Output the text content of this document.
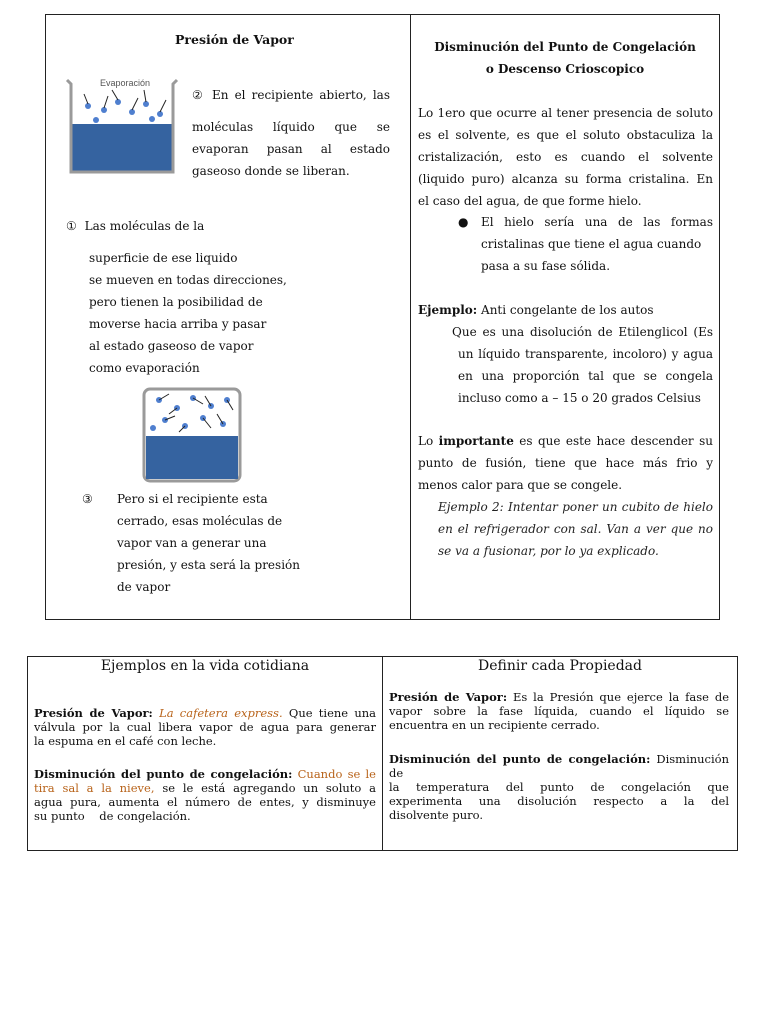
Presión de Vapor
Evaporación
② En el recipiente abierto, las
moléculas líquido que se
evaporan pasan al estado
gaseoso donde se liberan.
① Las moléculas de la
superficie de ese liquido
se mueven en todas direcciones,
pero tienen la posibilidad de
moverse hacia arriba y pasar
al estado gaseoso de vapor
como evaporación
③ Pero si el recipiente esta
cerrado, esas moléculas de
vapor van a generar una
presión, y esta será la presión
de vapor
Disminución del Punto de Congelación
o Descenso Crioscopico
Lo 1ero que ocurre al tener presencia de soluto
es el solvente, es que el soluto obstaculiza la
cristalización, esto es cuando el solvente
(liquido puro) alcanza su forma cristalina. En
el caso del agua, de que forme hielo.
● El hielo sería una de las formas
cristalinas que tiene el agua cuando
pasa a su fase sólida.
Ejemplo: Anti congelante de los autos
Que es una disolución de Etilenglicol (Es
un líquido transparente, incoloro) y agua
en una proporción tal que se congela
incluso como a – 15 o 20 grados Celsius
Lo importante es que este hace descender su
punto de fusión, tiene que hace más frio y
menos calor para que se congele.
Ejemplo 2: Intentar poner un cubito de hielo
en el refrigerador con sal. Van a ver que no
se va a fusionar, por lo ya explicado.
Ejemplos en la vida cotidiana
Presión de Vapor: La cafetera express. Que tiene una
válvula por la cual libera vapor de agua para generar
la espuma en el café con leche.
Disminución del punto de congelación: Cuando se le
tira sal a la nieve, se le está agregando un soluto a
agua pura, aumenta el número de entes, y disminuye
su punto    de congelación.
Definir cada Propiedad
Presión de Vapor: Es la Presión que ejerce la fase de
vapor sobre la fase líquida, cuando el líquido se
encuentra en un recipiente cerrado.
Disminución del punto de congelación: Disminución de
la temperatura del punto de congelación que
experimenta una disolución respecto a la del
disolvente puro.
